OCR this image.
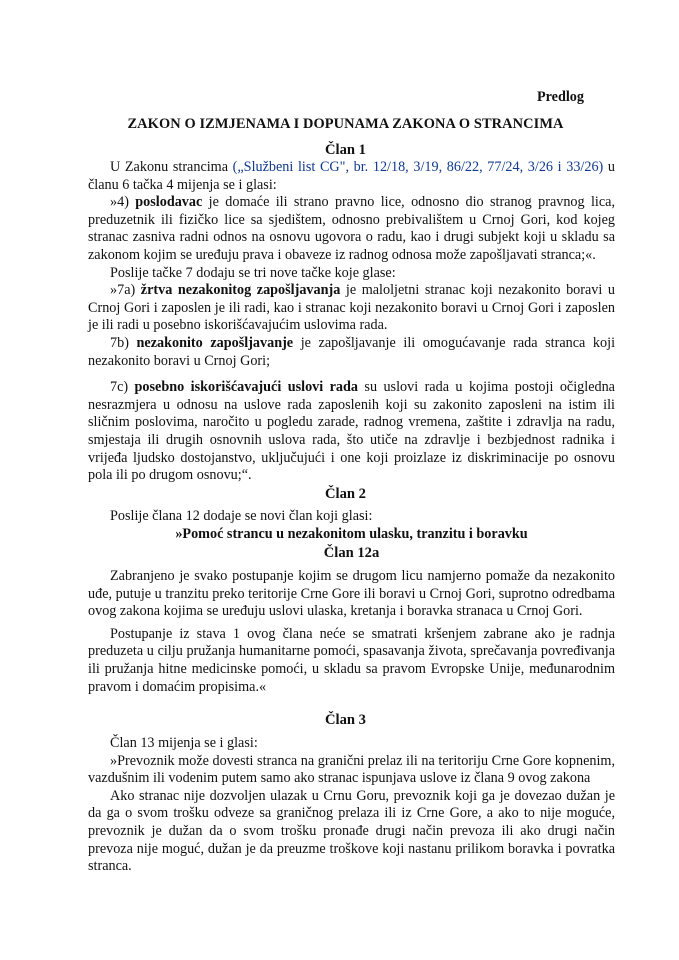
Predlog
ZAKON O IZMJENAMA I DOPUNAMA ZAKONA O STRANCIMA
Član 1

U Zakonu strancima („Službeni list CG", br. 12/18, 3/19, 86/22, 77/24, 3/26 i 33/26) u članu 6 tačka 4 mijenja se i glasi:

»4) poslodavac je domaće ili strano pravno lice, odnosno dio stranog pravnog lica, preduzetnik ili fizičko lice sa sjedištem, odnosno prebivalištem u Crnoj Gori, kod kojeg stranac zasniva radni odnos na osnovu ugovora o radu, kao i drugi subjekt koji u skladu sa zakonom kojim se uređuju prava i obaveze iz radnog odnosa može zapošljavati stranca;«.

Poslije tačke 7 dodaju se tri nove tačke koje glase:

»7a) žrtva nezakonitog zapošljavanja je maloljetni stranac koji nezakonito boravi u Crnoj Gori i zaposlen je ili radi, kao i stranac koji nezakonito boravi u Crnoj Gori i zaposlen je ili radi u posebno iskorišćavajućim uslovima rada.

7b) nezakonito zapošljavanje je zapošljavanje ili omogućavanje rada stranca koji nezakonito boravi u Crnoj Gori;

7c) posebno iskorišćavajući uslovi rada su uslovi rada u kojima postoji očigledna nesrazmjera u odnosu na uslove rada zaposlenih koji su zakonito zaposleni na istim ili sličnim poslovima, naročito u pogledu zarade, radnog vremena, zaštite i zdravlja na radu, smjestaja ili drugih osnovnih uslova rada, što utiče na zdravlje i bezbjednost radnika i vrijeđa ljudsko dostojanstvo, uključujući i one koji proizlaze iz diskriminacije po osnovu pola ili po drugom osnovu;“.

Član 2

Poslije člana 12 dodaje se novi član koji glasi:

»Pomoć strancu u nezakonitom ulasku, tranzitu i boravku
Član 12a

Zabranjeno je svako postupanje kojim se drugom licu namjerno pomaže da nezakonito uđe, putuje u tranzitu preko teritorije Crne Gore ili boravi u Crnoj Gori, suprotno odredbama ovog zakona kojima se uređuju uslovi ulaska, kretanja i boravka stranaca u Crnoj Gori.

Postupanje iz stava 1 ovog člana neće se smatrati kršenjem zabrane ako je radnja preduzeta u cilju pružanja humanitarne pomoći, spasavanja života, sprečavanja povređivanja ili pružanja hitne medicinske pomoći, u skladu sa pravom Evropske Unije, međunarodnim pravom i domaćim propisima.«

Član 3

Član 13 mijenja se i glasi:

»Prevoznik može dovesti stranca na granični prelaz ili na teritoriju Crne Gore kopnenim, vazdušnim ili vodenim putem samo ako stranac ispunjava uslove iz člana 9 ovog zakona

Ako stranac nije dozvoljen ulazak u Crnu Goru, prevoznik koji ga je dovezao dužan je da ga o svom trošku odveze sa graničnog prelaza ili iz Crne Gore, a ako to nije moguće, prevoznik je dužan da o svom trošku pronađe drugi način prevoza ili ako drugi način prevoza nije moguć, dužan je da preuzme troškove koji nastanu prilikom boravka i povratka stranca.
